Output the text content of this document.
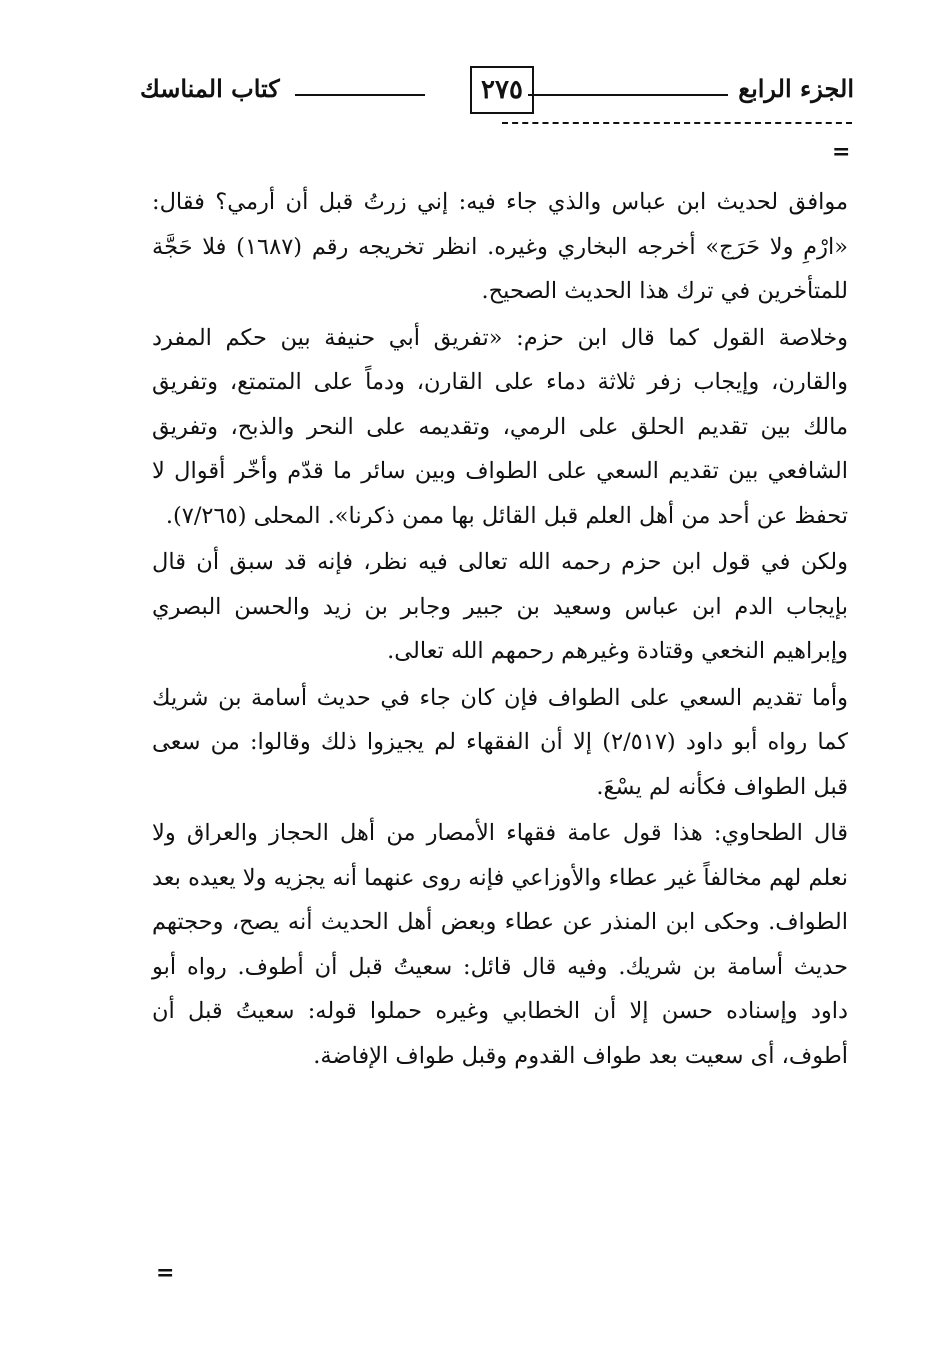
الجزء الرابع
٢٧٥
كتاب المناسك
=

موافق لحديث ابن عباس والذي جاء فيه: إني زرتُ قبل أن أرمي؟ فقال: «ارْمِ ولا حَرَج» أخرجه البخاري وغيره. انظر تخريجه رقم (١٦٨٧) فلا حَجَّة للمتأخرين في ترك هذا الحديث الصحيح.

وخلاصة القول كما قال ابن حزم: «تفريق أبي حنيفة بين حكم المفرد والقارن، وإيجاب زفر ثلاثة دماء على القارن، ودماً على المتمتع، وتفريق مالك بين تقديم الحلق على الرمي، وتقديمه على النحر والذبح، وتفريق الشافعي بين تقديم السعي على الطواف وبين سائر ما قدّم وأخّر أقوال لا تحفظ عن أحد من أهل العلم قبل القائل بها ممن ذكرنا». المحلى (٧/٢٦٥).

ولكن في قول ابن حزم رحمه الله تعالى فيه نظر، فإنه قد سبق أن قال بإيجاب الدم ابن عباس وسعيد بن جبير وجابر بن زيد والحسن البصري وإبراهيم النخعي وقتادة وغيرهم رحمهم الله تعالى.

وأما تقديم السعي على الطواف فإن كان جاء في حديث أسامة بن شريك كما رواه أبو داود (٢/٥١٧) إلا أن الفقهاء لم يجيزوا ذلك وقالوا: من سعى قبل الطواف فكأنه لم يسْعَ.

قال الطحاوي: هذا قول عامة فقهاء الأمصار من أهل الحجاز والعراق ولا نعلم لهم مخالفاً غير عطاء والأوزاعي فإنه روى عنهما أنه يجزيه ولا يعيده بعد الطواف. وحكى ابن المنذر عن عطاء وبعض أهل الحديث أنه يصح، وحجتهم حديث أسامة بن شريك. وفيه قال قائل: سعيتُ قبل أن أطوف. رواه أبو داود وإسناده حسن إلا أن الخطابي وغيره حملوا قوله: سعيتُ قبل أن أطوف، أى سعيت بعد طواف القدوم وقبل طواف الإفاضة.

=
